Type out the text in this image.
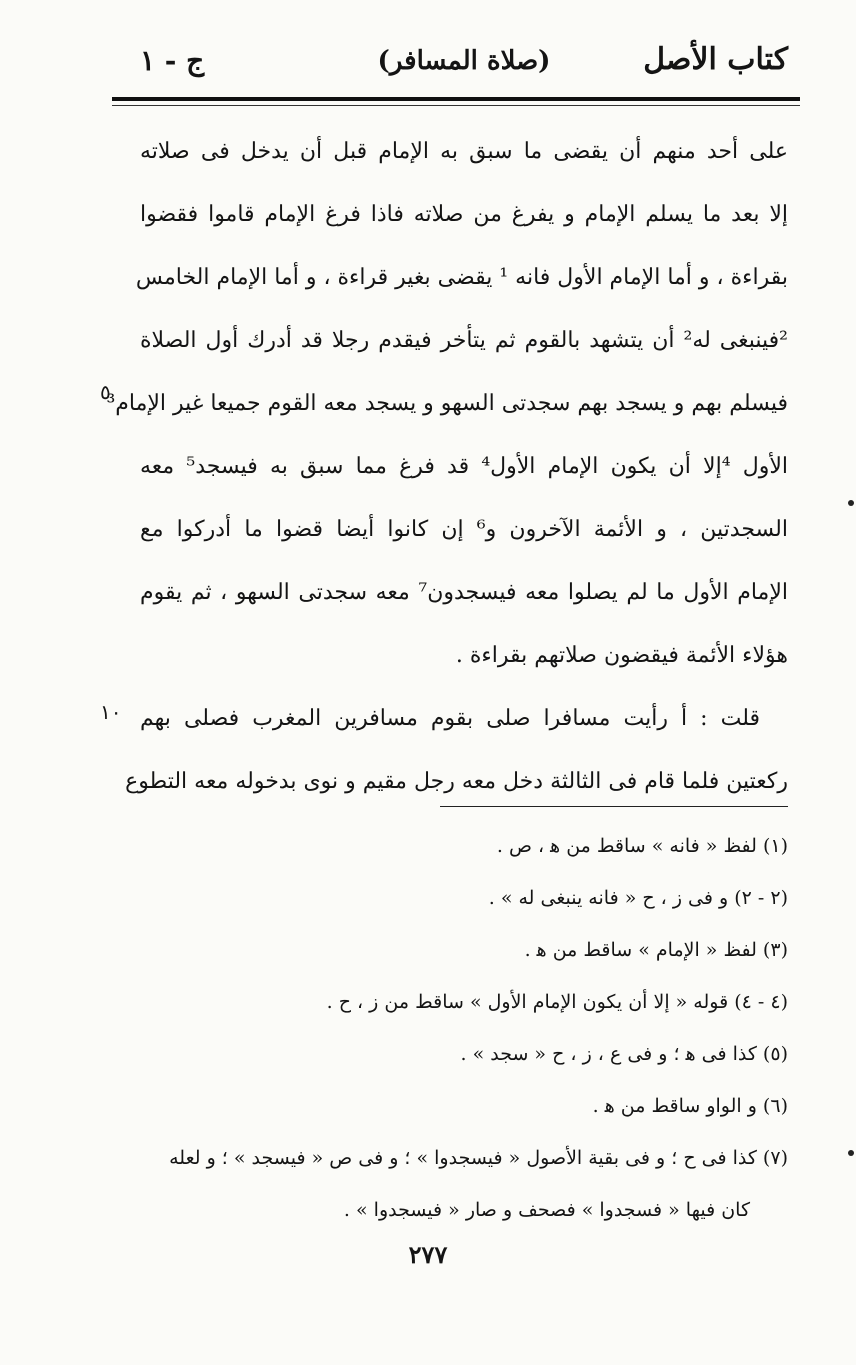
كتاب الأصل
(صلاة المسافر)
ج - ١
على أحد منهم أن يقضى ما سبق به الإمام قبل أن يدخل فى صلاته
إلا بعد ما يسلم الإمام و يفرغ من صلاته فاذا فرغ الإمام قاموا فقضوا
بقراءة ، و أما الإمام الأول فانه ¹ يقضى بغير قراءة ، و أما الإمام الخامس
²فينبغى له² أن يتشهد بالقوم ثم يتأخر فيقدم رجلا قد أدرك أول الصلاة
فيسلم بهم و يسجد بهم سجدتى السهو و يسجد معه القوم جميعا غير الإمام³
الأول ⁴إلا أن يكون الإمام الأول⁴ قد فرغ مما سبق به فيسجد⁵ معه
السجدتين ، و الأئمة الآخرون و⁶ إن كانوا أيضا قضوا ما أدركوا مع
الإمام الأول ما لم يصلوا معه فيسجدون⁷ معه سجدتى السهو ، ثم يقوم
هؤلاء الأئمة فيقضون صلاتهم بقراءة .
قلت : أ رأيت مسافرا صلى بقوم مسافرين المغرب فصلى بهم
ركعتين فلما قام فى الثالثة دخل معه رجل مقيم و نوى بدخوله معه التطوع
٥
١٠
(١) لفظ « فانه » ساقط من ﻫ ، ص .
(٢ - ٢) و فى ز ، ح « فانه ينبغى له » .
(٣) لفظ « الإمام » ساقط من ﻫ .
(٤ - ٤) قوله « إلا أن يكون الإمام الأول » ساقط من ز ، ح .
(٥) كذا فى ﻫ ؛ و فى ع ، ز ، ح « سجد » .
(٦) و الواو ساقط من ﻫ .
(٧) كذا فى ح ؛ و فى بقية الأصول « فيسجدوا » ؛ و فى ص « فيسجد » ؛ و لعله
كان فيها « فسجدوا » فصحف و صار « فيسجدوا » .
٢٧٧
